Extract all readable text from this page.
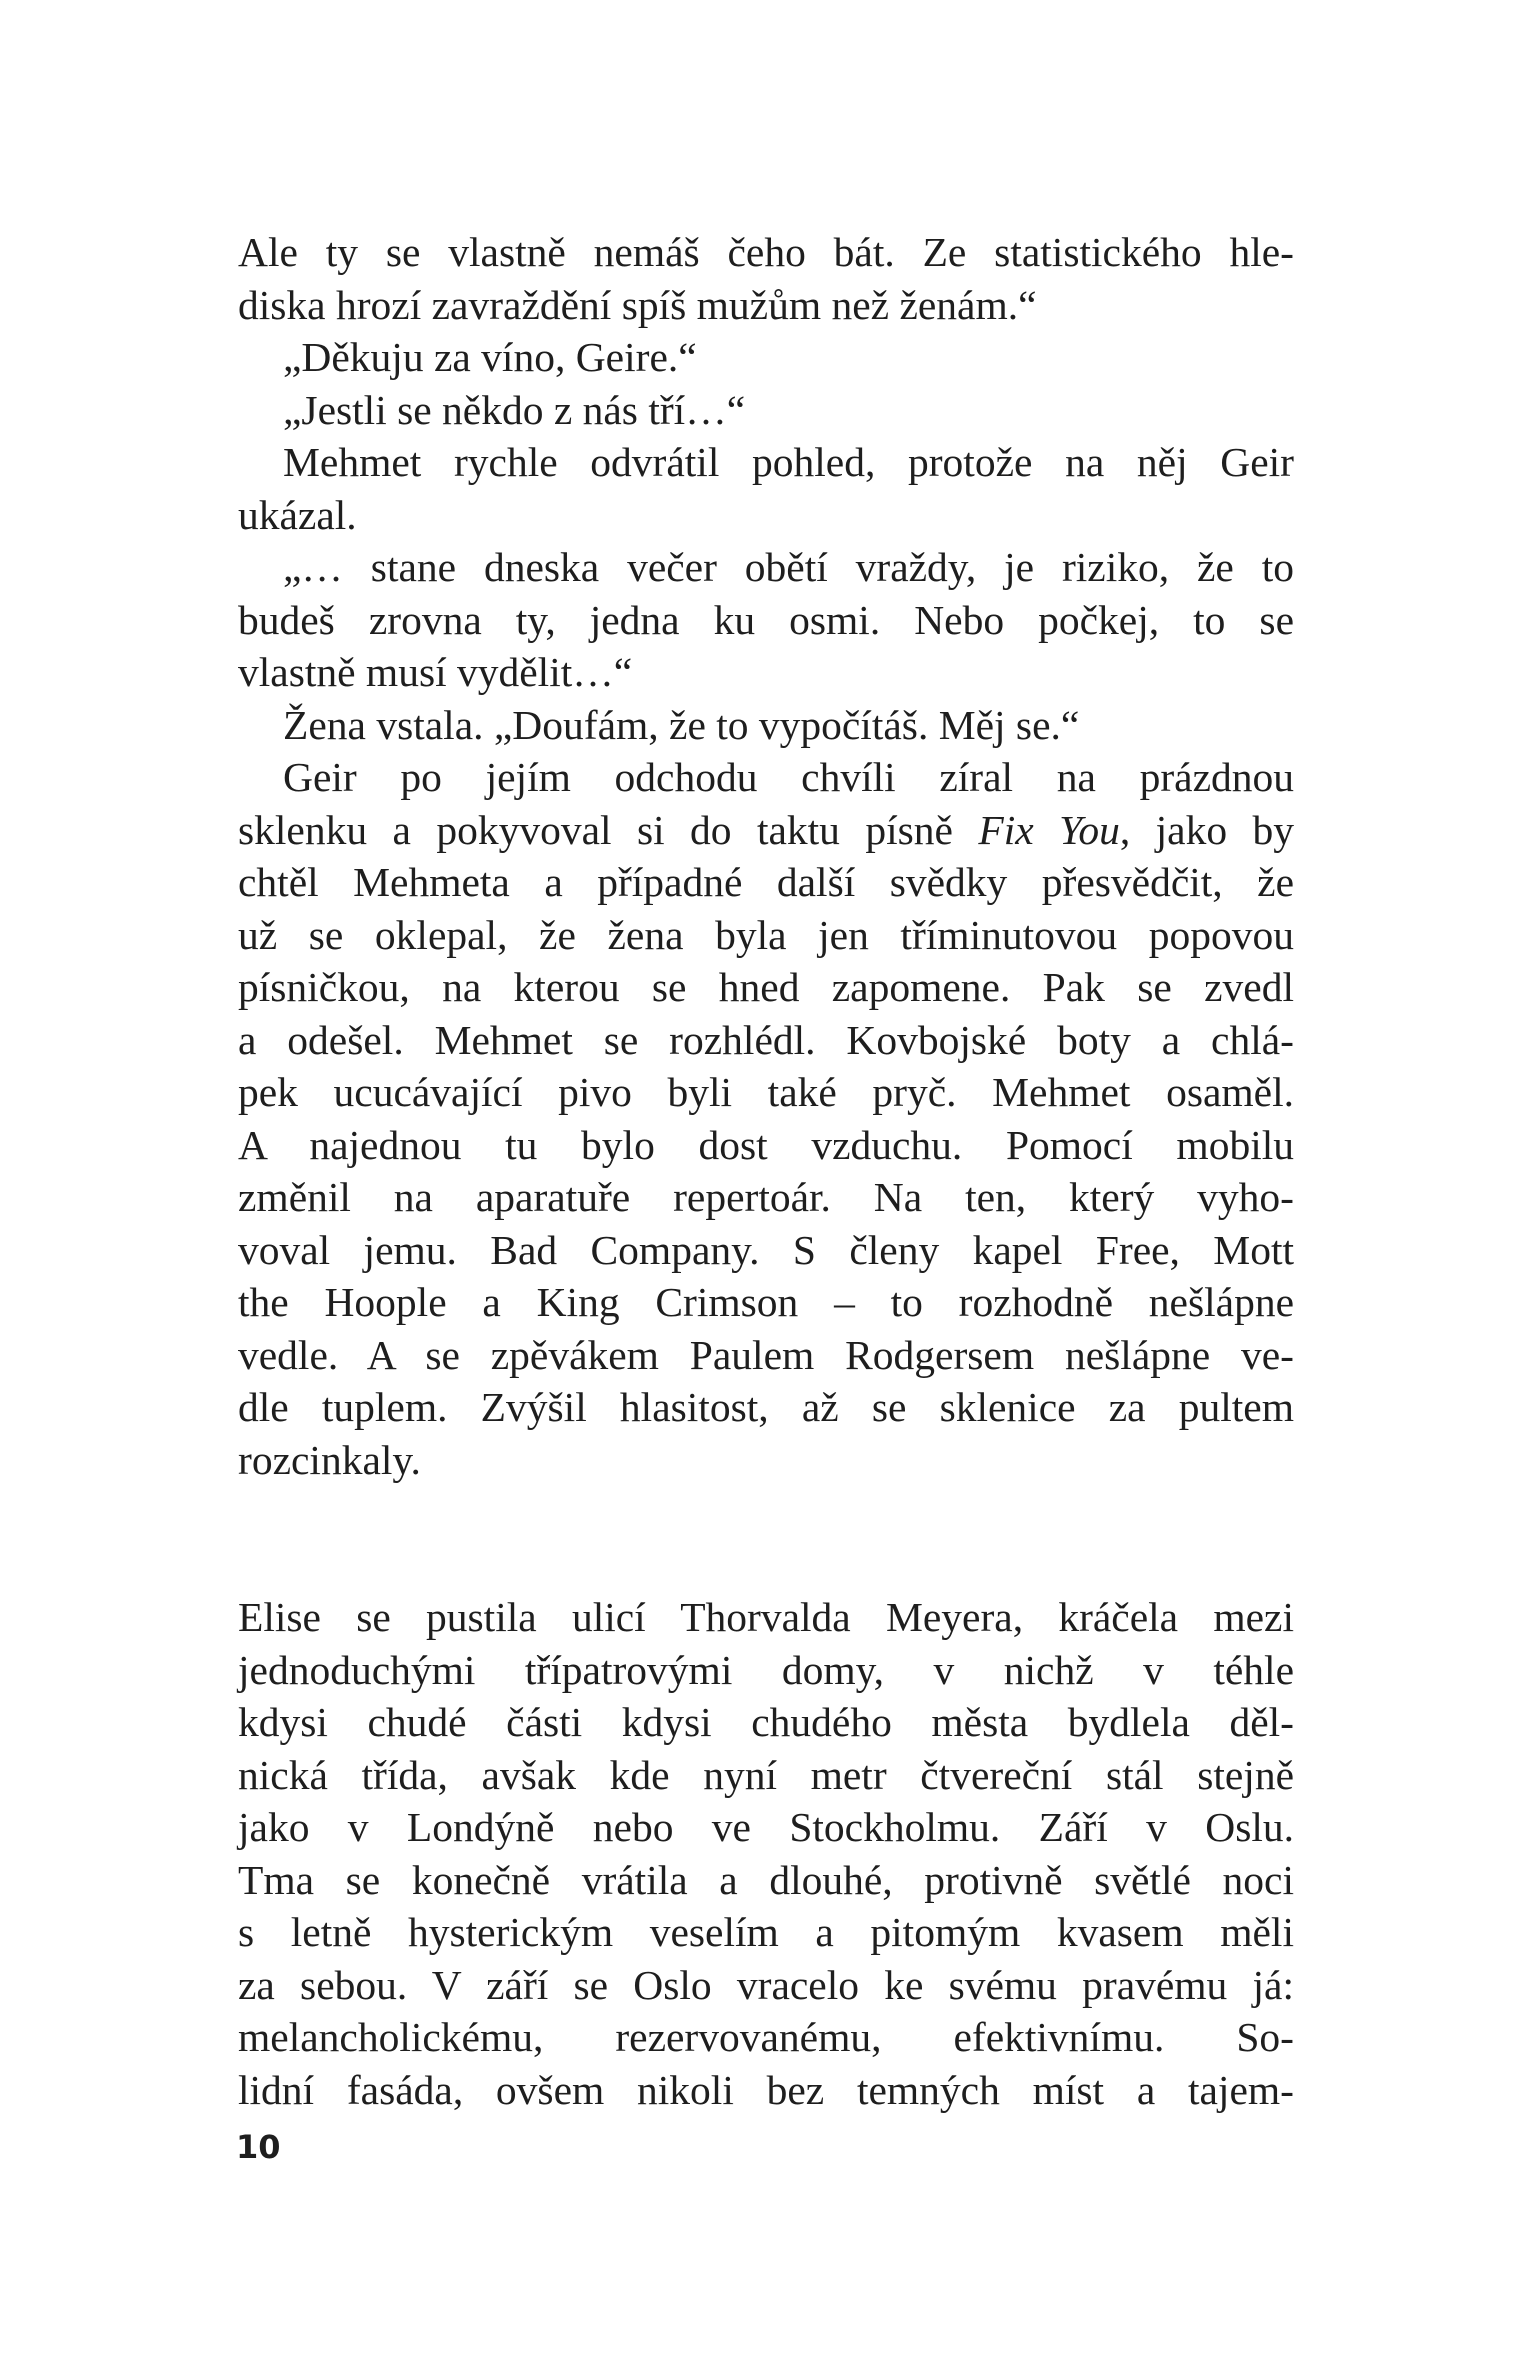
Ale ty se vlastně nemáš čeho bát. Ze statistického hle-
diska hrozí zavraždění spíš mužům než ženám.“
„Děkuju za víno, Geire.“
„Jestli se někdo z nás tří…“
Mehmet rychle odvrátil pohled, protože na něj Geir
ukázal.
„… stane dneska večer obětí vraždy, je riziko, že to
budeš zrovna ty, jedna ku osmi. Nebo počkej, to se
vlastně musí vydělit…“
Žena vstala. „Doufám, že to vypočítáš. Měj se.“
Geir po jejím odchodu chvíli zíral na prázdnou
sklenku a pokyvoval si do taktu písně Fix You, jako by
chtěl Mehmeta a případné další svědky přesvědčit, že
už se oklepal, že žena byla jen tříminutovou popovou
písničkou, na kterou se hned zapomene. Pak se zvedl
a odešel. Mehmet se rozhlédl. Kovbojské boty a chlá-
pek ucucávající pivo byli také pryč. Mehmet osaměl.
A najednou tu bylo dost vzduchu. Pomocí mobilu
změnil na aparatuře repertoár. Na ten, který vyho-
voval jemu. Bad Company. S členy kapel Free, Mott
the Hoople a King Crimson – to rozhodně nešlápne
vedle. A se zpěvákem Paulem Rodgersem nešlápne ve-
dle tuplem. Zvýšil hlasitost, až se sklenice za pultem
rozcinkaly.
Elise se pustila ulicí Thorvalda Meyera, kráčela mezi
jednoduchými třípatrovými domy, v nichž v téhle
kdysi chudé části kdysi chudého města bydlela děl-
nická třída, avšak kde nyní metr čtvereční stál stejně
jako v Londýně nebo ve Stockholmu. Září v Oslu.
Tma se konečně vrátila a dlouhé, protivně světlé noci
s letně hysterickým veselím a pitomým kvasem měli
za sebou. V září se Oslo vracelo ke svému pravému já:
melancholickému, rezervovanému, efektivnímu. So-
lidní fasáda, ovšem nikoli bez temných míst a tajem-
10
